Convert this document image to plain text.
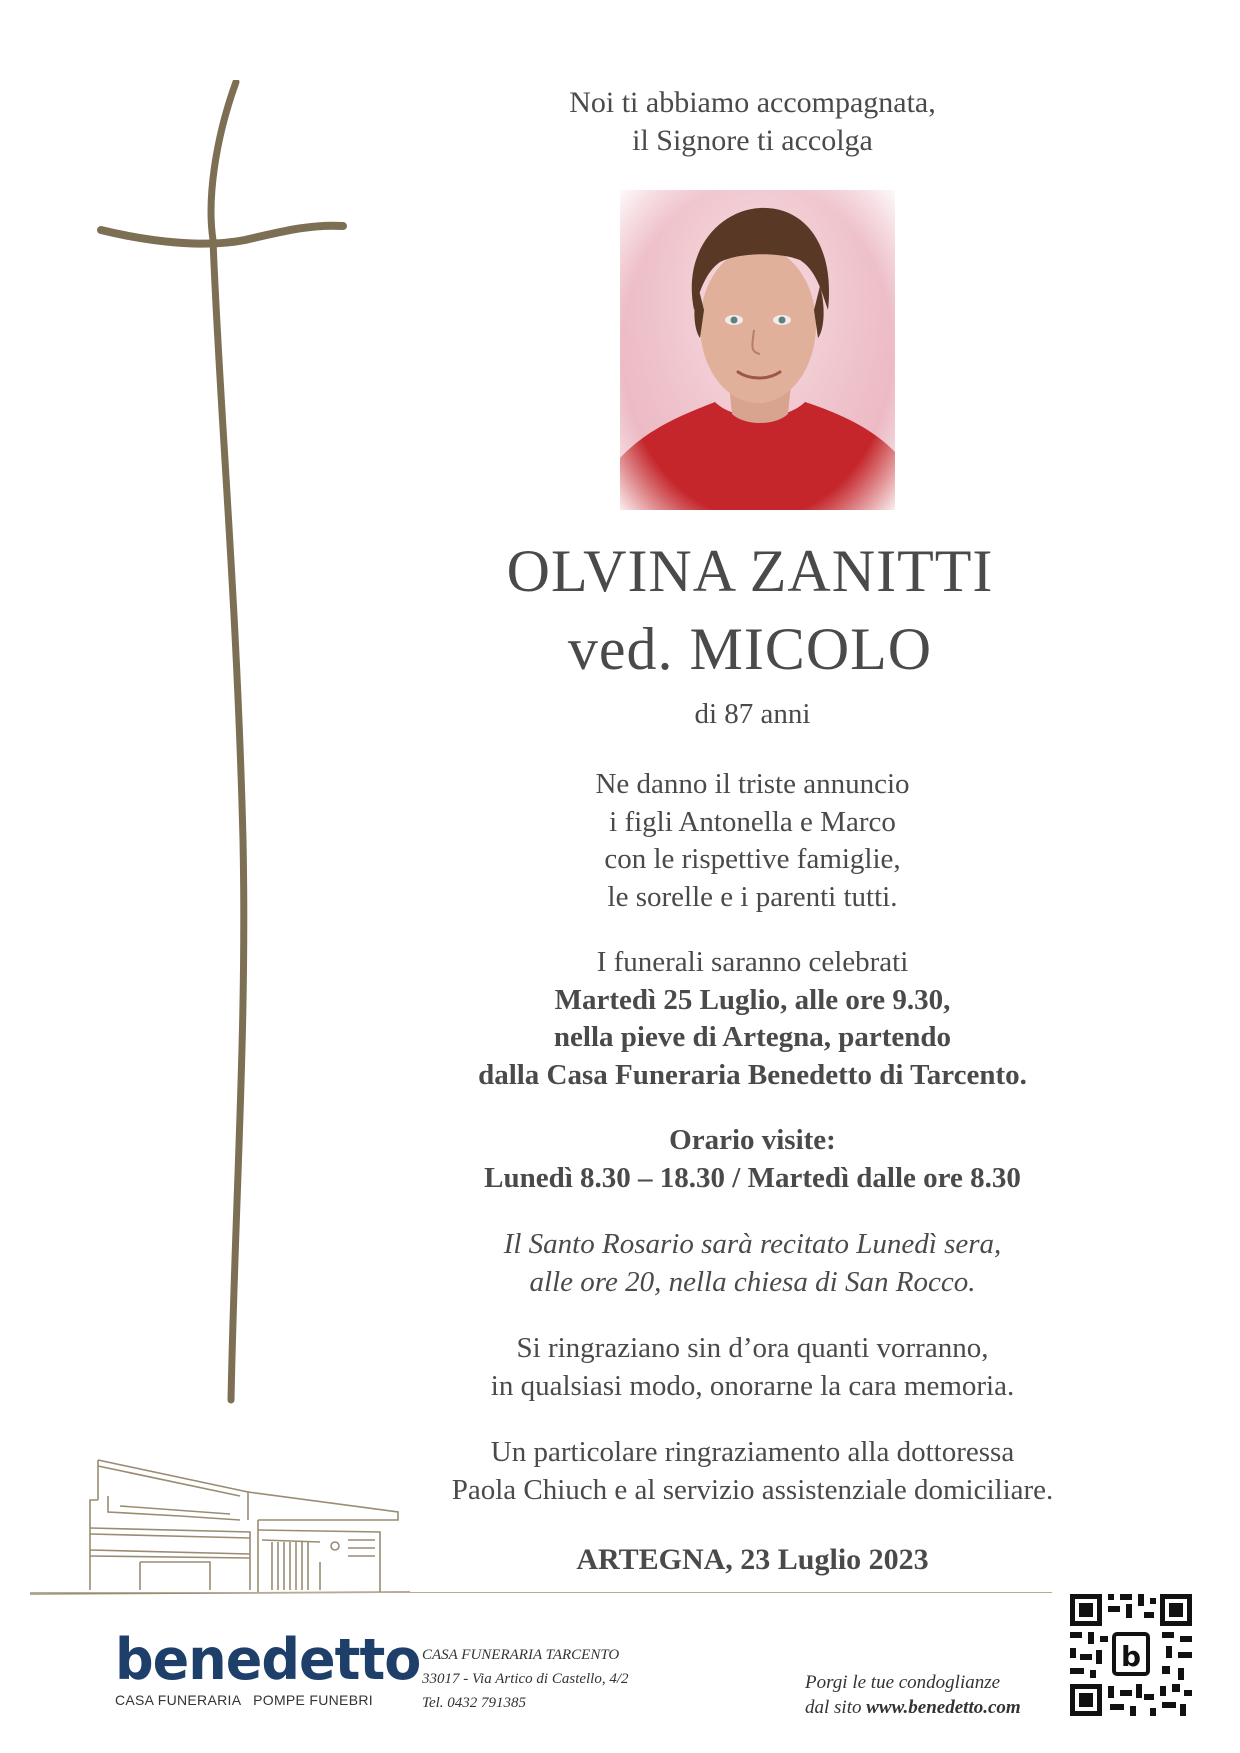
Noi ti abbiamo accompagnata,
il Signore ti accolga
OLVINA ZANITTI
ved. MICOLO
di 87 anni
Ne danno il triste annuncio
i figli Antonella e Marco
con le rispettive famiglie,
le sorelle e i parenti tutti.
I funerali saranno celebrati
Martedì 25 Luglio, alle ore 9.30,
nella pieve di Artegna, partendo
dalla Casa Funeraria Benedetto di Tarcento.
Orario visite:
Lunedì 8.30 – 18.30 / Martedì dalle ore 8.30
Il Santo Rosario sarà recitato Lunedì sera,
alle ore 20, nella chiesa di San Rocco.
Si ringraziano sin d’ora quanti vorranno,
in qualsiasi modo, onorarne la cara memoria.
Un particolare ringraziamento alla dottoressa
Paola Chiuch e al servizio assistenziale domiciliare.
ARTEGNA, 23 Luglio 2023
benedetto
CASA FUNERARIA   POMPE FUNEBRI
CASA FUNERARIA TARCENTO
33017 - Via Artico di Castello, 4/2
Tel. 0432 791385
Porgi le tue condoglianze
dal sito www.benedetto.com
b
